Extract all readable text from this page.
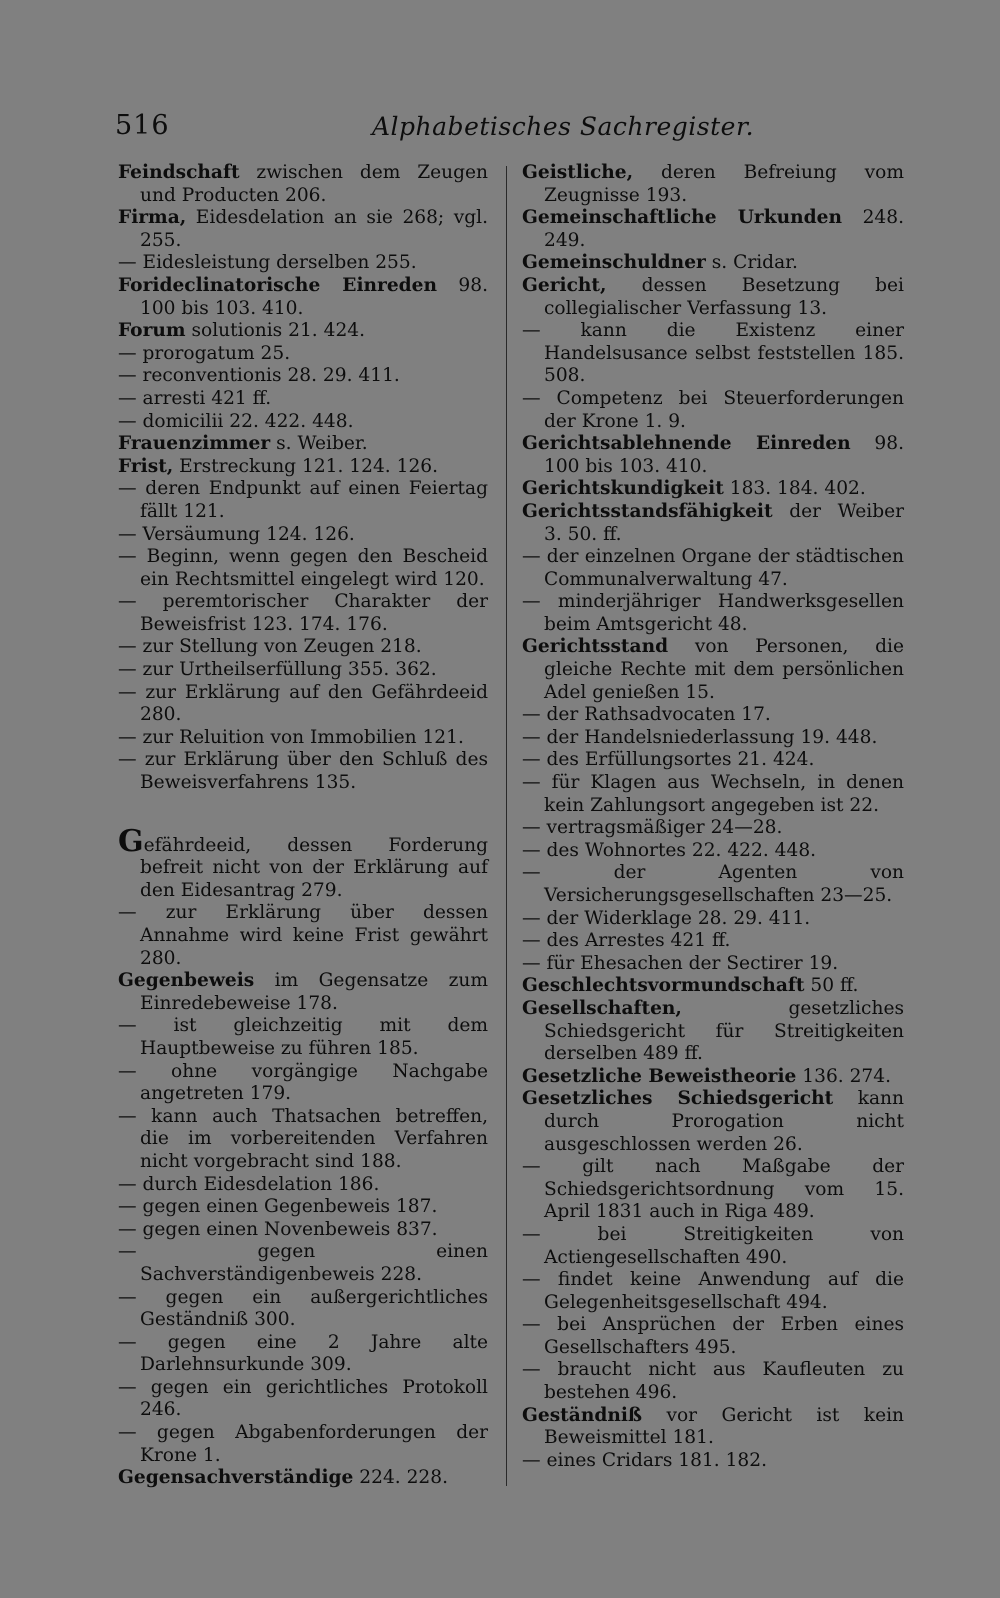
516	Alphabetisches Sachregister.

Feindschaft zwischen dem Zeugen und Producten 206.

Firma, Eidesdelation an sie 268; vgl. 255.

— Eidesleistung derselben 255.

Forideclinatorische Einreden 98. 100 bis 103. 410.

Forum solutionis 21. 424.

— prorogatum 25.

— reconventionis 28. 29. 411.

— arresti 421 ff.

— domicilii 22. 422. 448.

Frauenzimmer s. Weiber.

Frist, Erstreckung 121. 124. 126.

— deren Endpunkt auf einen Feiertag fällt 121.

— Versäumung 124. 126.

— Beginn, wenn gegen den Bescheid ein Rechtsmittel eingelegt wird 120.

— peremtorischer Charakter der Beweisfrist 123. 174. 176.

— zur Stellung von Zeugen 218.

— zur Urtheilserfüllung 355. 362.

— zur Erklärung auf den Gefährdeeid 280.

— zur Reluition von Immobilien 121.

— zur Erklärung über den Schluß des Beweisverfahrens 135.

Gefährdeeid, dessen Forderung befreit nicht von der Erklärung auf den Eidesantrag 279.

— zur Erklärung über dessen Annahme wird keine Frist gewährt 280.

Gegenbeweis im Gegensatze zum Einredebeweise 178.

— ist gleichzeitig mit dem Hauptbeweise zu führen 185.

— ohne vorgängige Nachgabe angetreten 179.

— kann auch Thatsachen betreffen, die im vorbereitenden Verfahren nicht vorgebracht sind 188.

— durch Eidesdelation 186.

— gegen einen Gegenbeweis 187.

— gegen einen Novenbeweis 837.

— gegen einen Sachverständigenbeweis 228.

— gegen ein außergerichtliches Geständniß 300.

— gegen eine 2 Jahre alte Darlehnsurkunde 309.

— gegen ein gerichtliches Protokoll 246.

— gegen Abgabenforderungen der Krone 1.

Gegensachverständige 224. 228.

Geistliche, deren Befreiung vom Zeugnisse 193.

Gemeinschaftliche Urkunden 248. 249.

Gemeinschuldner s. Cridar.

Gericht, dessen Besetzung bei collegialischer Verfassung 13.

— kann die Existenz einer Handelsusance selbst feststellen 185. 508.

— Competenz bei Steuerforderungen der Krone 1. 9.

Gerichtsablehnende Einreden 98. 100 bis 103. 410.

Gerichtskundigkeit 183. 184. 402.

Gerichtsstandsfähigkeit der Weiber 3. 50. ff.

— der einzelnen Organe der städtischen Communalverwaltung 47.

— minderjähriger Handwerksgesellen beim Amtsgericht 48.

Gerichtsstand von Personen, die gleiche Rechte mit dem persönlichen Adel genießen 15.

— der Rathsadvocaten 17.

— der Handelsniederlassung 19. 448.

— des Erfüllungsortes 21. 424.

— für Klagen aus Wechseln, in denen kein Zahlungsort angegeben ist 22.

— vertragsmäßiger 24—28.

— des Wohnortes 22. 422. 448.

— der Agenten von Versicherungsgesellschaften 23—25.

— der Widerklage 28. 29. 411.

— des Arrestes 421 ff.

— für Ehesachen der Sectirer 19.

Geschlechtsvormundschaft 50 ff.

Gesellschaften, gesetzliches Schiedsgericht für Streitigkeiten derselben 489 ff.

Gesetzliche Beweistheorie 136. 274.

Gesetzliches Schiedsgericht kann durch Prorogation nicht ausgeschlossen werden 26.

— gilt nach Maßgabe der Schiedsgerichtsordnung vom 15. April 1831 auch in Riga 489.

— bei Streitigkeiten von Actiengesellschaften 490.

— findet keine Anwendung auf die Gelegenheitsgesellschaft 494.

— bei Ansprüchen der Erben eines Gesellschafters 495.

— braucht nicht aus Kaufleuten zu bestehen 496.

Geständniß vor Gericht ist kein Beweismittel 181.

— eines Cridars 181. 182.
